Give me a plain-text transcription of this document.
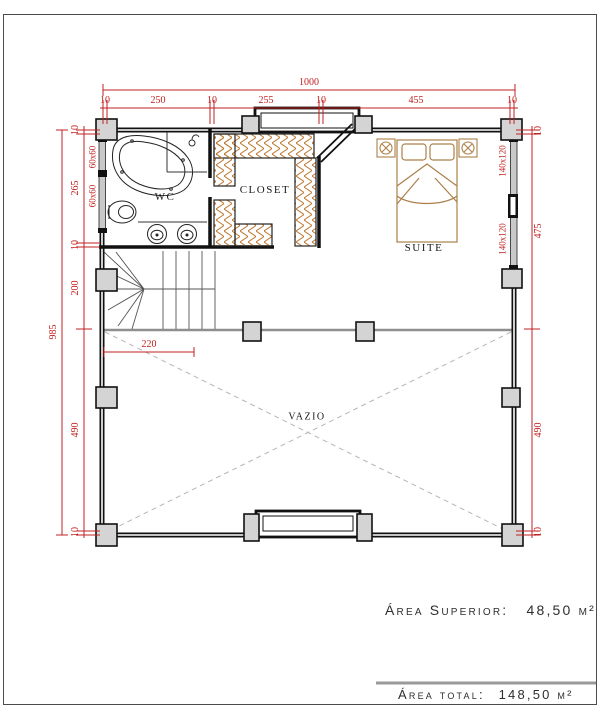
1000
10	250	10	255	10	455	10
985
10
265
10
200
490
10
10
475
490
10
220
60x60
60x60
140x120
140x120
WC
CLOSET
SUITE
VAZIO
Área Superior: 48,50 m²
Área total: 148,50 m²
